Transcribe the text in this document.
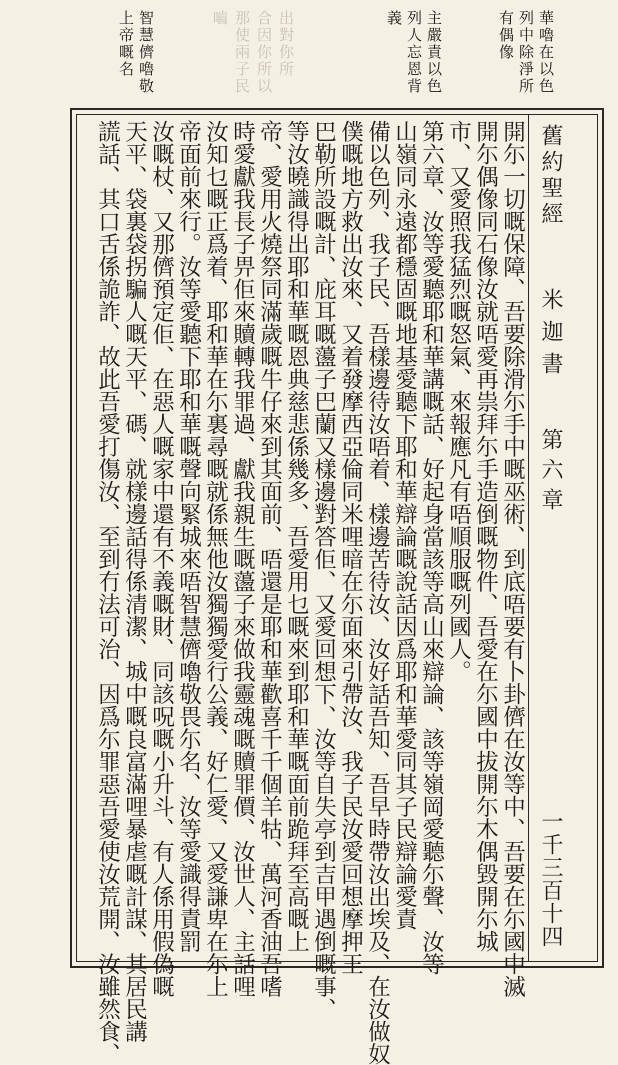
華嚕在以色
列中除淨所
有偶像
主嚴責以色
列人忘恩背
義
出對你所
合因你所以
那使兩子民
嚙
智慧儕嚕敬
上帝嘅名
舊約聖經
米迦書
第六章
一千三百十四
開尓一切嘅保障、吾要除滑尓手中嘅巫術、到底唔要有卜卦儕在汝等中、吾要在尓國中滅
開尓偶像同石像汝就唔愛再祟拜尓手造倒嘅物件、吾愛在尓國中拔開尓木偶毀開尓城
市、又愛照我猛烈嘅怒氣、來報應凡有唔順服嘅列國人。
第六章、汝等愛聽耶和華講嘅話、好起身當該等高山來辯論、該等嶺岡愛聽尓聲、汝等
山嶺同永遠都穩固嘅地基愛聽下耶和華辯論嘅說話因爲耶和華愛同其子民辯論愛責
備以色列、我子民、吾樣邊待汝唔着、樣邊苦待汝、汝好話吾知、吾早時帶汝出埃及、在汝做奴
僕嘅地方救出汝來、又着發摩西亞倫同米哩暗在尓面來引帶汝、我子民汝愛回想摩押王
巴勒所設嘅計、庇耳嘅蘯子巴蘭又樣邊對答佢、又愛回想下、汝等自失亭到吉甲遇倒嘅事、
等汝曉識得出耶和華嘅恩典慈悲係幾多、吾愛用乜嘅來到耶和華嘅面前跪拜至高嘅上
帝、愛用火燒祭同滿歲嘅牛仔來到其面前、唔還是耶和華歡喜千千個羊牯、萬河香油吾嗜
時愛獻我長子畀佢來贖轉我罪過、獻我親生嘅蘯子來做我靈魂嘅贖罪價、汝世人、主話哩
汝知乜嘅正爲着、耶和華在尓裏尋嘅就係無他汝獨獨愛行公義、好仁愛、又愛謙卑在尓上
帝面前來行。汝等愛聽下耶和華嘅聲向緊城來唔智慧儕嚕敬畏尓名、汝等愛識得責罰
汝嘅杖、又那儕預定佢、在惡人嘅家中還有不義嘅財、同該呪嘅小升斗、有人係用假偽嘅
天平、袋裏袋拐騙人嘅天平、碼、就樣邊話得係清潔、城中嘅良富滿哩暴虐嘅計謀、其居民講
謊話、其口舌係詭詐、故此吾愛打傷汝、至到冇法可治、因爲尓罪惡吾愛使汝荒開、汝雖然食、
